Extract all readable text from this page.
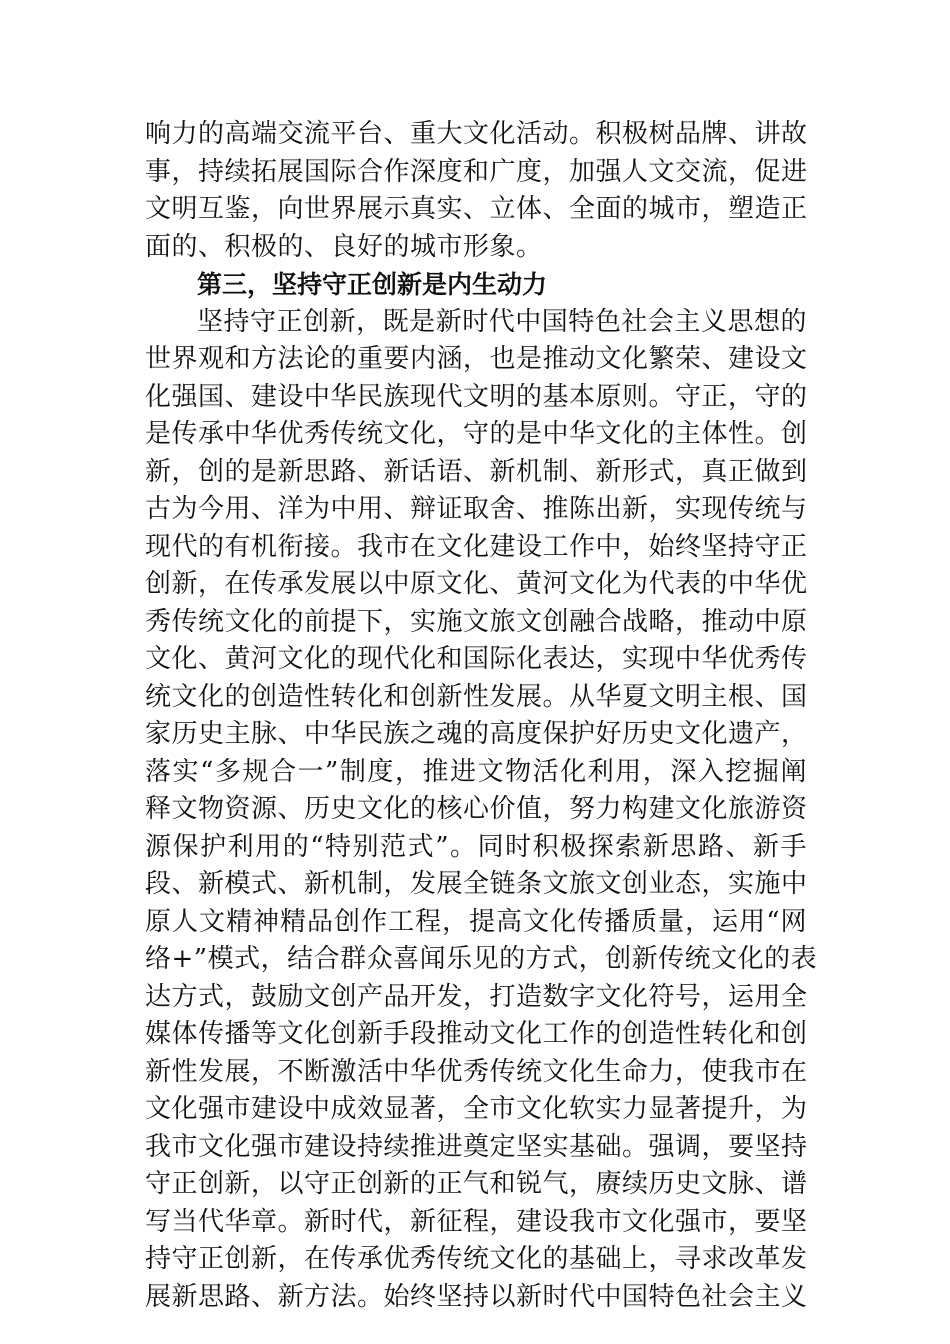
响力的高端交流平台、重大文化活动。积极树品牌、讲故
事，持续拓展国际合作深度和广度，加强人文交流，促进
文明互鉴，向世界展示真实、立体、全面的城市，塑造正
面的、积极的、良好的城市形象。
第三，坚持守正创新是内生动力
坚持守正创新，既是新时代中国特色社会主义思想的
世界观和方法论的重要内涵，也是推动文化繁荣、建设文
化强国、建设中华民族现代文明的基本原则。守正，守的
是传承中华优秀传统文化，守的是中华文化的主体性。创
新，创的是新思路、新话语、新机制、新形式，真正做到
古为今用、洋为中用、辩证取舍、推陈出新，实现传统与
现代的有机衔接。我市在文化建设工作中，始终坚持守正
创新，在传承发展以中原文化、黄河文化为代表的中华优
秀传统文化的前提下，实施文旅文创融合战略，推动中原
文化、黄河文化的现代化和国际化表达，实现中华优秀传
统文化的创造性转化和创新性发展。从华夏文明主根、国
家历史主脉、中华民族之魂的高度保护好历史文化遗产，
落实“多规合一”制度，推进文物活化利用，深入挖掘阐
释文物资源、历史文化的核心价值，努力构建文化旅游资
源保护利用的“特别范式”。同时积极探索新思路、新手
段、新模式、新机制，发展全链条文旅文创业态，实施中
原人文精神精品创作工程，提高文化传播质量，运用“网
络+”模式，结合群众喜闻乐见的方式，创新传统文化的表
达方式，鼓励文创产品开发，打造数字文化符号，运用全
媒体传播等文化创新手段推动文化工作的创造性转化和创
新性发展，不断激活中华优秀传统文化生命力，使我市在
文化强市建设中成效显著，全市文化软实力显著提升，为
我市文化强市建设持续推进奠定坚实基础。强调，要坚持
守正创新，以守正创新的正气和锐气，赓续历史文脉、谱
写当代华章。新时代，新征程，建设我市文化强市，要坚
持守正创新，在传承优秀传统文化的基础上，寻求改革发
展新思路、新方法。始终坚持以新时代中国特色社会主义
